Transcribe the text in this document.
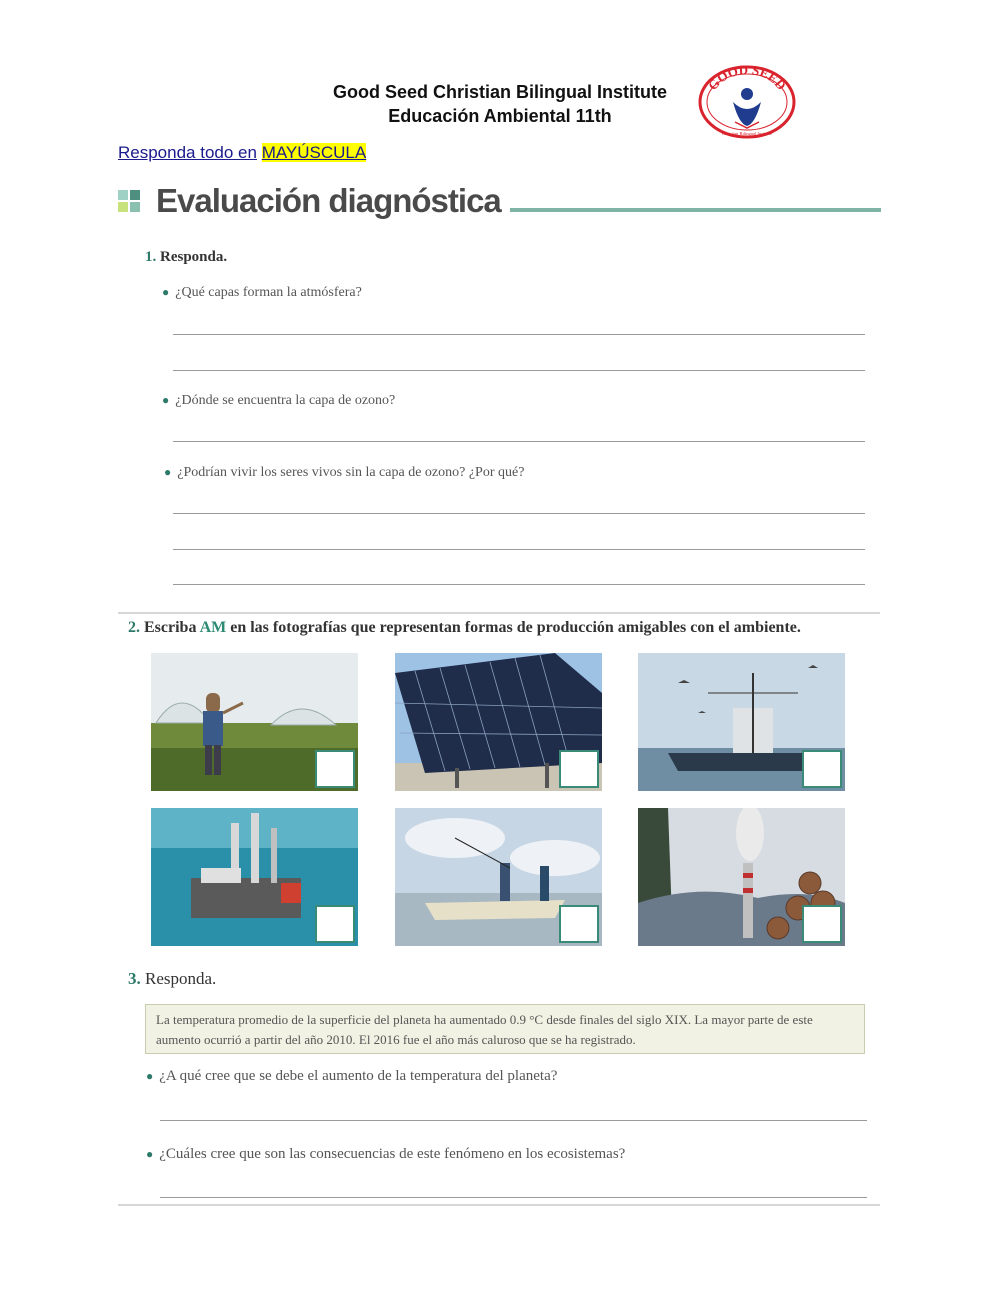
Good Seed Christian Bilingual Institute
Educación Ambiental 11th
GOOD SEED
Christian Bilingual Institute
Responda todo en MAYÚSCULA
Evaluación diagnóstica
1. Responda.
● ¿Qué capas forman la atmósfera?
● ¿Dónde se encuentra la capa de ozono?
● ¿Podrían vivir los seres vivos sin la capa de ozono? ¿Por qué?
2. Escriba AM en las fotografías que representan formas de producción amigables con el ambiente.
3. Responda.
La temperatura promedio de la superficie del planeta ha aumentado 0.9 °C desde finales del siglo XIX. La mayor parte de este aumento ocurrió a partir del año 2010. El 2016 fue el año más caluroso que se ha registrado.
● ¿A qué cree que se debe el aumento de la temperatura del planeta?
● ¿Cuáles cree que son las consecuencias de este fenómeno en los ecosistemas?
